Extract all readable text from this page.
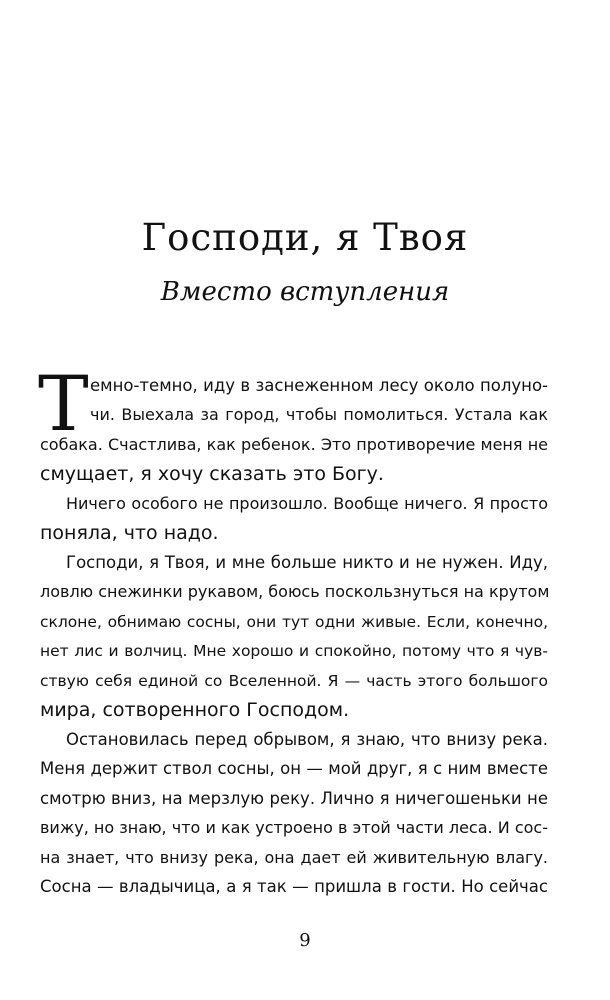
Господи, я Твоя
Вместо вступления
Т емно-темно, иду в заснеженном лесу около полуно-
чи. Выехала за город, чтобы помолиться. Устала как
собака. Счастлива, как ребенок. Это противоречие меня не
смущает, я хочу сказать это Богу.
Ничего особого не произошло. Вообще ничего. Я просто
поняла, что надо.
Господи, я Твоя, и мне больше никто и не нужен. Иду,
ловлю снежинки рукавом, боюсь поскользнуться на крутом
склоне, обнимаю сосны, они тут одни живые. Если, конечно,
нет лис и волчиц. Мне хорошо и спокойно, потому что я чув-
ствую себя единой со Вселенной. Я — часть этого большого
мира, сотворенного Господом.
Остановилась перед обрывом, я знаю, что внизу река.
Меня держит ствол сосны, он — мой друг, я с ним вместе
смотрю вниз, на мерзлую реку. Лично я ничегошеньки не
вижу, но знаю, что и как устроено в этой части леса. И сос-
на знает, что внизу река, она дает ей живительную влагу.
Сосна — владычица, а я так — пришла в гости. Но сейчас
9
